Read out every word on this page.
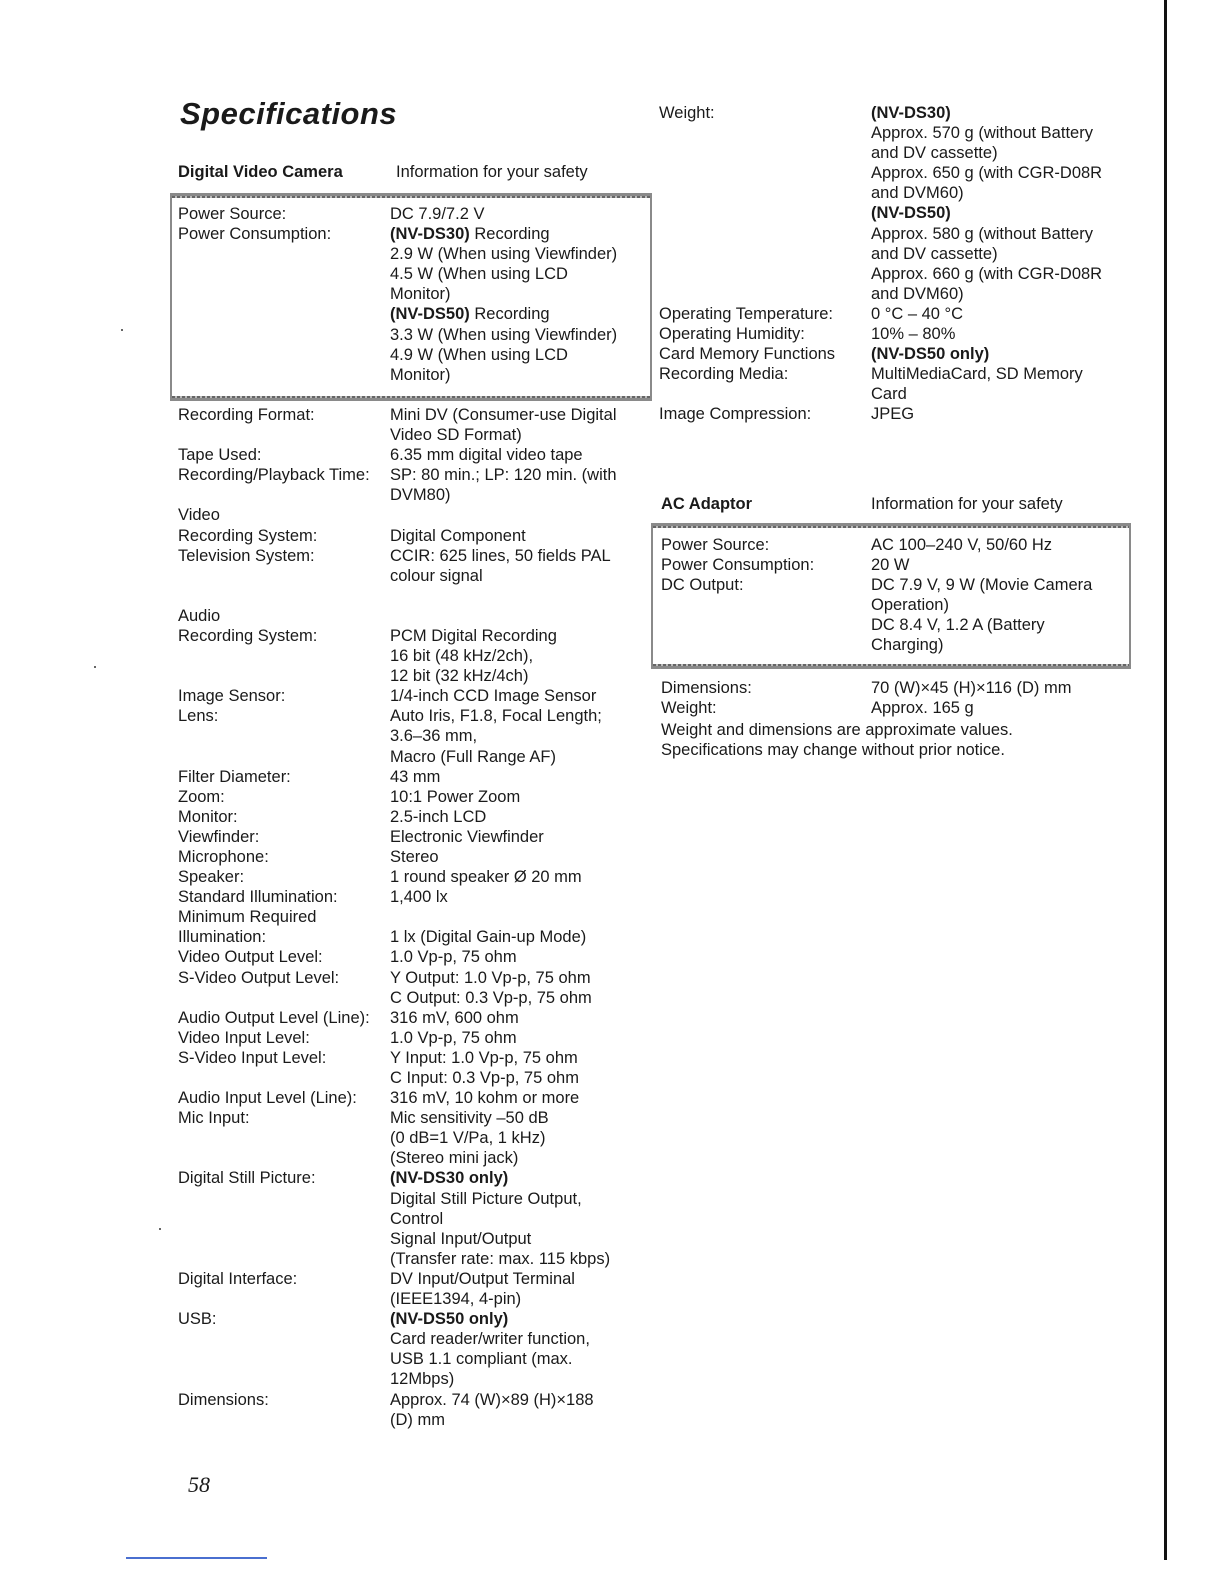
Specifications
Digital Video Camera	Information for your safety
Power Source:	DC 7.9/7.2 V
Power Consumption:	(NV-DS30) Recording
2.9 W (When using Viewfinder)
4.5 W (When using LCD
Monitor)
(NV-DS50) Recording
3.3 W (When using Viewfinder)
4.9 W (When using LCD
Monitor)
Recording Format:	Mini DV (Consumer-use Digital
Video SD Format)
Tape Used:	6.35 mm digital video tape
Recording/Playback Time:	SP: 80 min.; LP: 120 min. (with
DVM80)
Video
Recording System:	Digital Component
Television System:	CCIR: 625 lines, 50 fields PAL
colour signal
Audio
Recording System:	PCM Digital Recording
16 bit (48 kHz/2ch),
12 bit (32 kHz/4ch)
Image Sensor:	1/4-inch CCD Image Sensor
Lens:	Auto Iris, F1.8, Focal Length;
3.6–36 mm,
Macro (Full Range AF)
Filter Diameter:	43 mm
Zoom:	10:1 Power Zoom
Monitor:	2.5-inch LCD
Viewfinder:	Electronic Viewfinder
Microphone:	Stereo
Speaker:	1 round speaker Ø 20 mm
Standard Illumination:	1,400 lx
Minimum Required
Illumination:	1 lx (Digital Gain-up Mode)
Video Output Level:	1.0 Vp-p, 75 ohm
S-Video Output Level:	Y Output: 1.0 Vp-p, 75 ohm
C Output: 0.3 Vp-p, 75 ohm
Audio Output Level (Line):	316 mV, 600 ohm
Video Input Level:	1.0 Vp-p, 75 ohm
S-Video Input Level:	Y Input: 1.0 Vp-p, 75 ohm
C Input: 0.3 Vp-p, 75 ohm
Audio Input Level (Line):	316 mV, 10 kohm or more
Mic Input:	Mic sensitivity –50 dB
(0 dB=1 V/Pa, 1 kHz)
(Stereo mini jack)
Digital Still Picture:	(NV-DS30 only)
Digital Still Picture Output,
Control
Signal Input/Output
(Transfer rate: max. 115 kbps)
Digital Interface:	DV Input/Output Terminal
(IEEE1394, 4-pin)
USB:	(NV-DS50 only)
Card reader/writer function,
USB 1.1 compliant (max.
12Mbps)
Dimensions:	Approx. 74 (W)×89 (H)×188
(D) mm
Weight:	(NV-DS30)
Approx. 570 g (without Battery
and DV cassette)
Approx. 650 g (with CGR-D08R
and DVM60)
(NV-DS50)
Approx. 580 g (without Battery
and DV cassette)
Approx. 660 g (with CGR-D08R
and DVM60)
Operating Temperature:	0 °C – 40 °C
Operating Humidity:	10% – 80%
Card Memory Functions	(NV-DS50 only)
Recording Media:	MultiMediaCard, SD Memory
Card
Image Compression:	JPEG
AC Adaptor	Information for your safety
Power Source:	AC 100–240 V, 50/60 Hz
Power Consumption:	20 W
DC Output:	DC 7.9 V, 9 W (Movie Camera
Operation)
DC 8.4 V, 1.2 A (Battery
Charging)
Dimensions:	70 (W)×45 (H)×116 (D) mm
Weight:	Approx. 165 g
Weight and dimensions are approximate values.
Specifications may change without prior notice.
58
